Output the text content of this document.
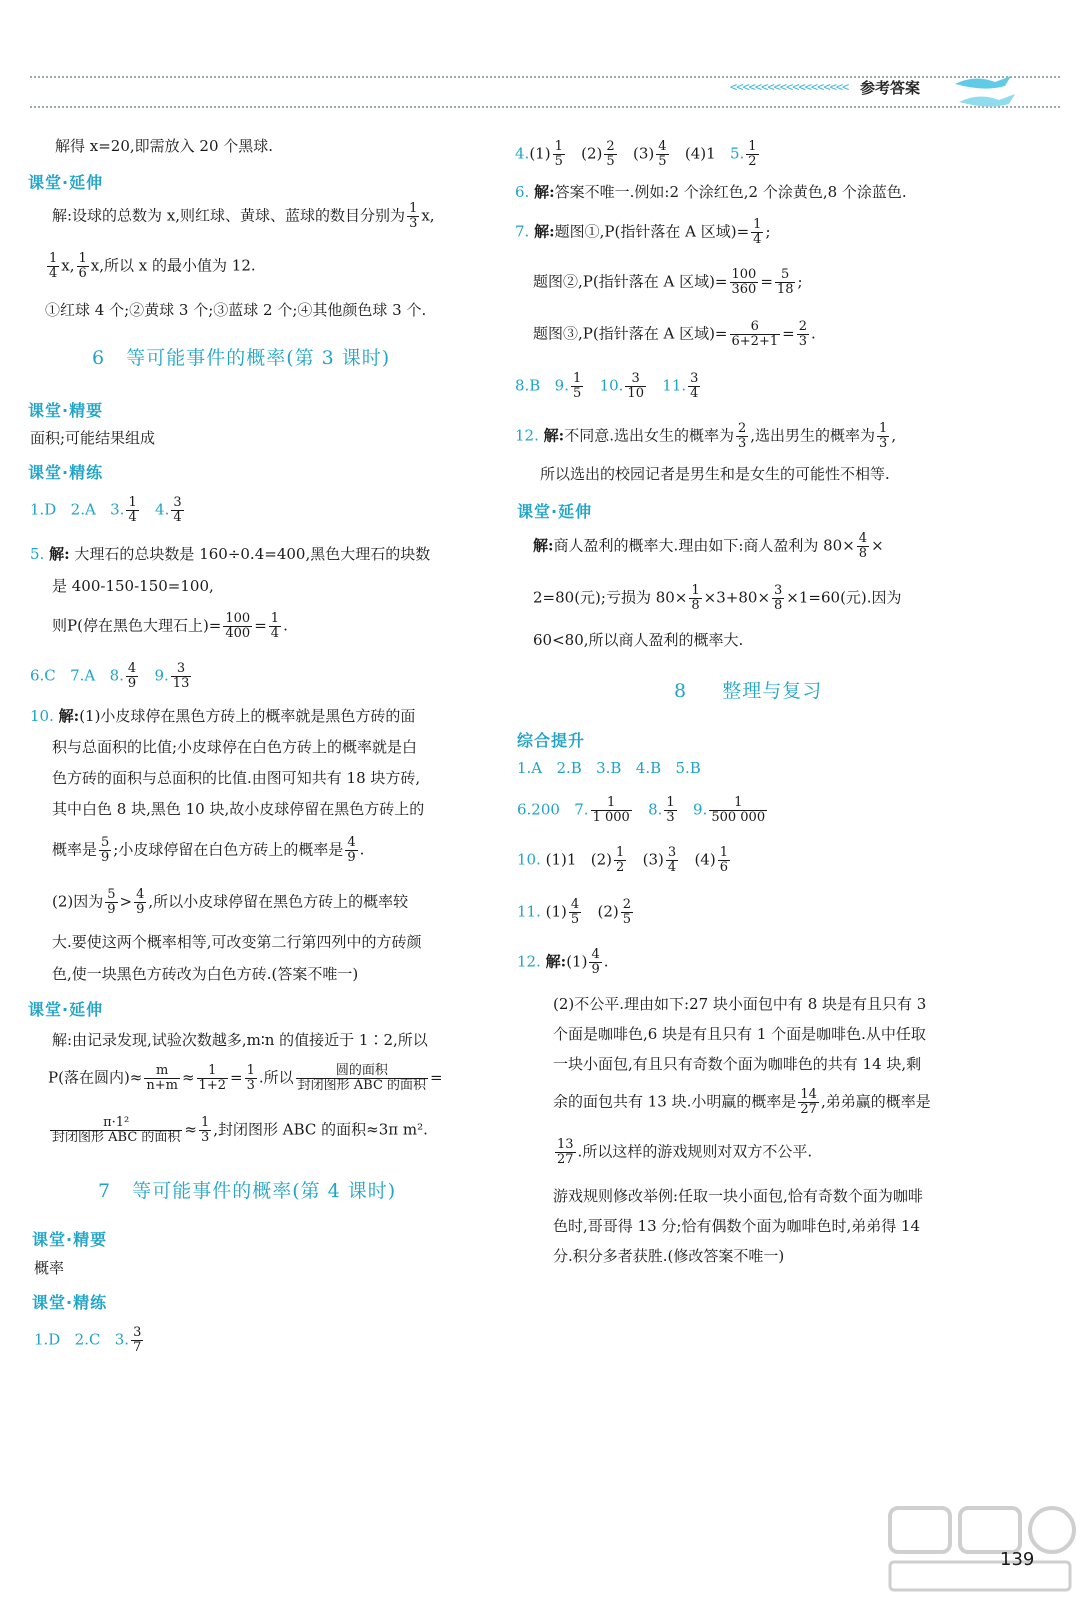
<<<<<<<<<<<<<<<<<<< 参考答案
解得 x=20,即需放入 20 个黑球.
课堂·延伸
解:设球的总数为 x,则红球、黄球、蓝球的数目分别为 $\frac{1}{3} x$,
$\frac{1}{4} x$, $\frac{1}{6} x$,所以 x 的最小值为 12.
①红球 4 个;②黄球 3 个;③蓝球 2 个;④其他颜色球 3 个.
6 等可能事件的概率(第 3 课时)
课堂·精要
面积;可能结果组成
课堂·精练
1.D 2.A 3. $\frac{1}{4} 4$. $\frac{3}{4}$
5. 解: 大理石的总块数是 160÷0.4=400,黑色大理石的块数
是 400-150-150=100,
则P(停在黑色大理石上)= $\frac{100}{400} = \frac{1}{4}$ .
6.C 7.A 8. $\frac{4}{9} 9$. $\frac{3}{13}$
10. 解:(1)小皮球停在黑色方砖上的概率就是黑色方砖的面
积与总面积的比值;小皮球停在白色方砖上的概率就是白
色方砖的面积与总面积的比值.由图可知共有 18 块方砖,
其中白色 8 块,黑色 10 块,故小皮球停留在黑色方砖上的
概率是 $\frac{5}{9}$ ;小皮球停留在白色方砖上的概率是 $\frac{4}{9}$ .
(2)因为 $\frac{5}{9} > \frac{4}{9}$ ,所以小皮球停留在黑色方砖上的概率较
大.要使这两个概率相等,可改变第二行第四列中的方砖颜
色,使一块黑色方砖改为白色方砖.(答案不唯一)
课堂·延伸
解:由记录发现,试验次数越多,m∶n 的值接近于 1∶2,所以
P(落在圆内)≈ $\frac{m}{n+m} \approx \frac{1}{1+2} = \frac{1}{3}$ .所以 $\frac{\text{圆的面积}}{\text{封闭图形 ABC 的面积}}$ =
$\frac{\text{π·1²}}{\text{封闭图形 ABC 的面积}} \approx \frac{1}{3}$ ,封闭图形 ABC 的面积≈3π m².
7 等可能事件的概率(第 4 课时)
课堂·精要
概率
课堂·精练
1.D 2.C 3. $\frac{3}{7}$
$4.(1) \frac{1}{5} (2) \frac{2}{5} (3) \frac{4}{5} (4)1$ 5. $\frac{1}{2}$
6. 解:答案不唯一.例如:2 个涂红色,2 个涂黄色,8 个涂蓝色.
7. 解:题图①,P(指针落在 A 区域)= $\frac{1}{4}$ ;
题图②,P(指针落在 A 区域)= $\frac{100}{360} = \frac{5}{18}$ ;
题图③,P(指针落在 A 区域)= $\frac{6}{6+2+1} = \frac{2}{3}$ .
8.B 9. $\frac{1}{5} 10$. $\frac{3}{10} 11$. $\frac{3}{4}$
12. 解:不同意.选出女生的概率为 $\frac{2}{3}$ ,选出男生的概率为 $\frac{1}{3}$ ,
所以选出的校园记者是男生和是女生的可能性不相等.
课堂·延伸
解:商人盈利的概率大.理由如下:商人盈利为 $80\times \frac{4}{8}$ ×
2=80(元);亏损为 $80\times \frac{1}{8} \times 3+80\times \frac{3}{8} \times 1=60$(元).因为
60<80,所以商人盈利的概率大.
8 整理与复习
综合提升
1.A 2.B 3.B 4.B 5.B
6.200 7. $\frac{1}{1 000} 8$. $\frac{1}{3} 9$. $\frac{1}{500 000}$
10. (1)1 $(2) \frac{1}{2} (3) \frac{3}{4} (4) \frac{1}{6}$
11. $(1) \frac{4}{5} (2) \frac{2}{5}$
12. 解:(1) $\frac{4}{9}$ .
(2)不公平.理由如下:27 块小面包中有 8 块是有且只有 3
个面是咖啡色,6 块是有且只有 1 个面是咖啡色.从中任取
一块小面包,有且只有奇数个面为咖啡色的共有 14 块,剩
余的面包共有 13 块.小明赢的概率是 $\frac{14}{27}$ ,弟弟赢的概率是
$\frac{13}{27}$ .所以这样的游戏规则对双方不公平.
游戏规则修改举例:任取一块小面包,恰有奇数个面为咖啡
色时,哥哥得 13 分;恰有偶数个面为咖啡色时,弟弟得 14
分.积分多者获胜.(修改答案不唯一)
139
